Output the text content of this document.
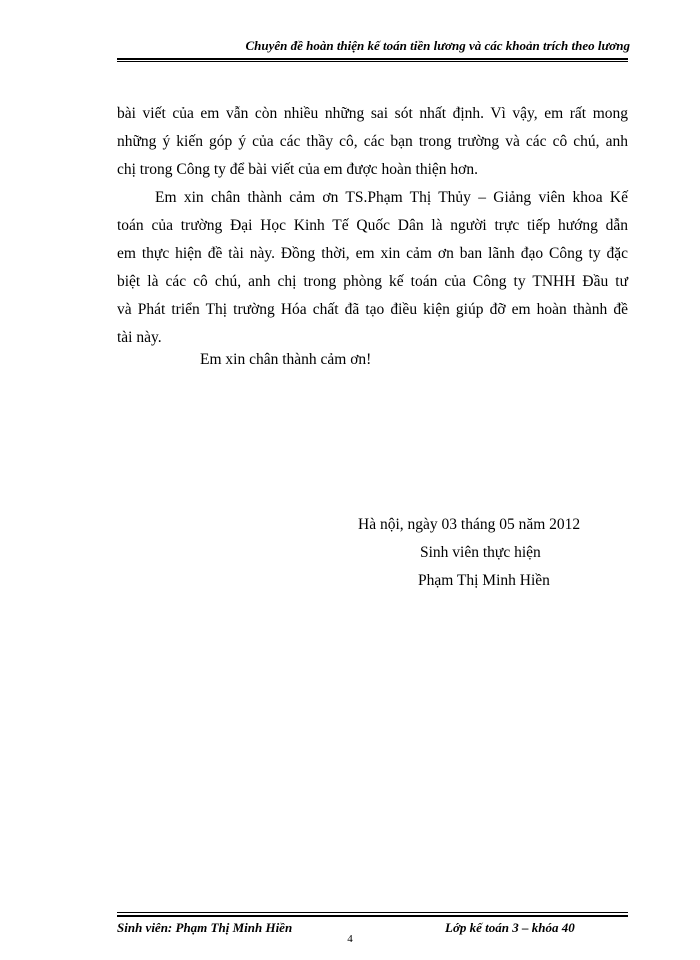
Chuyên đề hoàn thiện kế toán tiền lương và các khoản trích theo lương
bài viết của em vẫn còn nhiều những sai sót nhất định. Vì vậy, em rất mong
những ý kiến góp ý của các thầy cô, các bạn trong trường và các cô chú, anh
chị trong Công ty để bài viết của em được hoàn thiện hơn.
Em xin chân thành cảm ơn TS.Phạm Thị Thủy – Giảng viên khoa Kế
toán của trường Đại Học Kinh Tế Quốc Dân là người trực tiếp hướng dẫn
em thực hiện đề tài này. Đồng thời, em xin cảm ơn ban lãnh đạo Công ty đặc
biệt là các cô chú, anh chị trong phòng kế toán của Công ty TNHH Đầu tư
và Phát triển Thị trường Hóa chất đã tạo điều kiện giúp đỡ em hoàn thành đề
tài này.
Em xin chân thành cảm ơn!
Hà nội, ngày 03 tháng 05 năm 2012
Sinh viên thực hiện
Phạm Thị Minh Hiền
Sinh viên: Phạm Thị Minh Hiền	Lớp kế toán 3 – khóa 40
4
